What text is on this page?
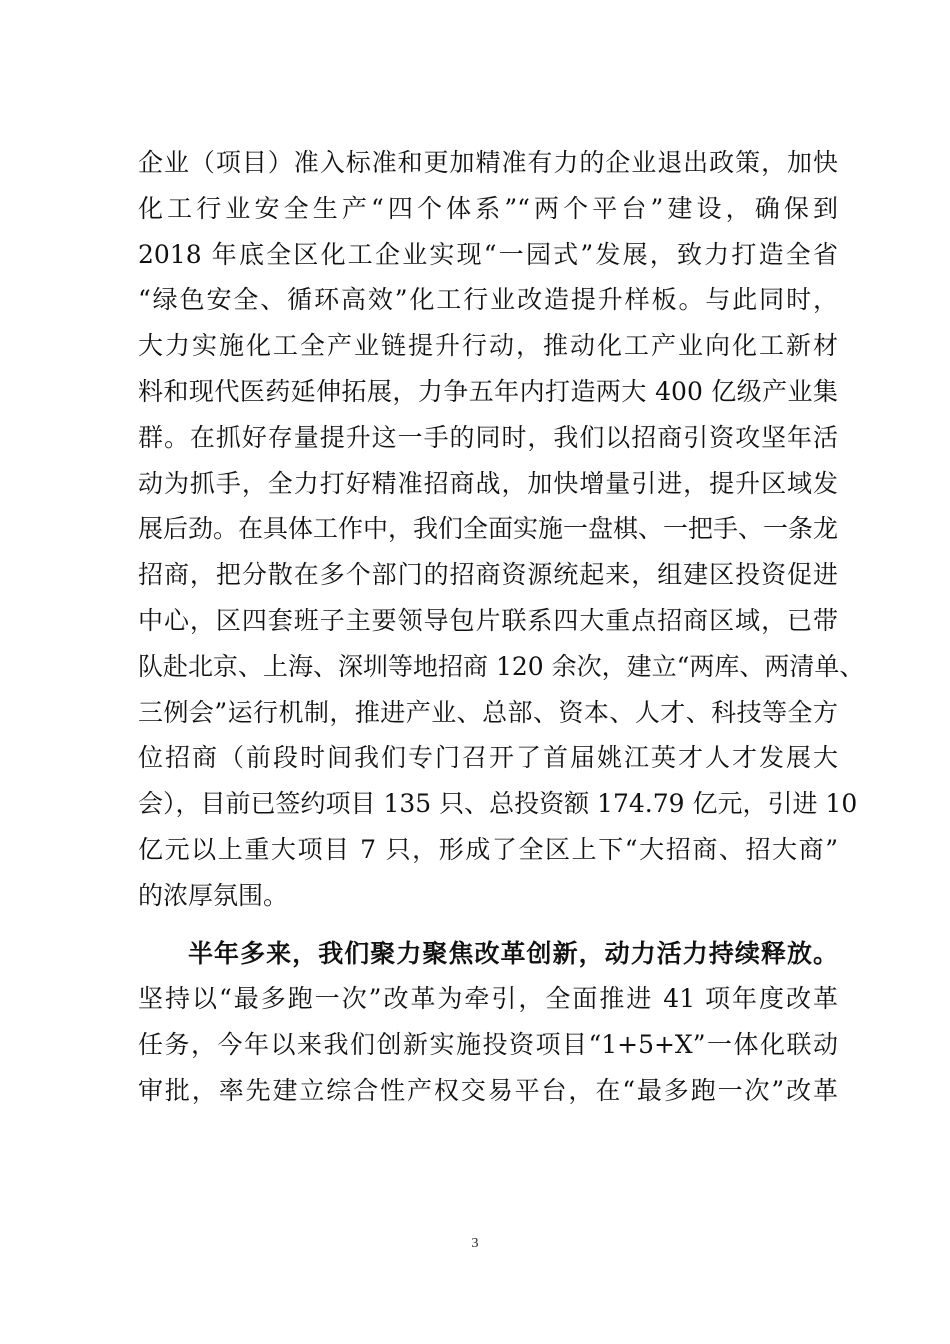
企业（项目）准入标准和更加精准有力的企业退出政策，加快
化工行业安全生产“四个体系”“两个平台”建设，确保到
2018 年底全区化工企业实现“一园式”发展，致力打造全省
“绿色安全、循环高效”化工行业改造提升样板。与此同时，
大力实施化工全产业链提升行动，推动化工产业向化工新材
料和现代医药延伸拓展，力争五年内打造两大 400 亿级产业集
群。在抓好存量提升这一手的同时，我们以招商引资攻坚年活
动为抓手，全力打好精准招商战，加快增量引进，提升区域发
展后劲。在具体工作中，我们全面实施一盘棋、一把手、一条龙
招商，把分散在多个部门的招商资源统起来，组建区投资促进
中心，区四套班子主要领导包片联系四大重点招商区域，已带
队赴北京、上海、深圳等地招商 120 余次，建立“两库、两清单、
三例会”运行机制，推进产业、总部、资本、人才、科技等全方
位招商（前段时间我们专门召开了首届姚江英才人才发展大
会），目前已签约项目 135 只、总投资额 174.79 亿元，引进 10
亿元以上重大项目 7 只，形成了全区上下“大招商、招大商”
的浓厚氛围。
半年多来，我们聚力聚焦改革创新，动力活力持续释放。
坚持以“最多跑一次”改革为牵引，全面推进 41 项年度改革
任务，今年以来我们创新实施投资项目“1+5+X”一体化联动
审批，率先建立综合性产权交易平台，在“最多跑一次”改革
3
